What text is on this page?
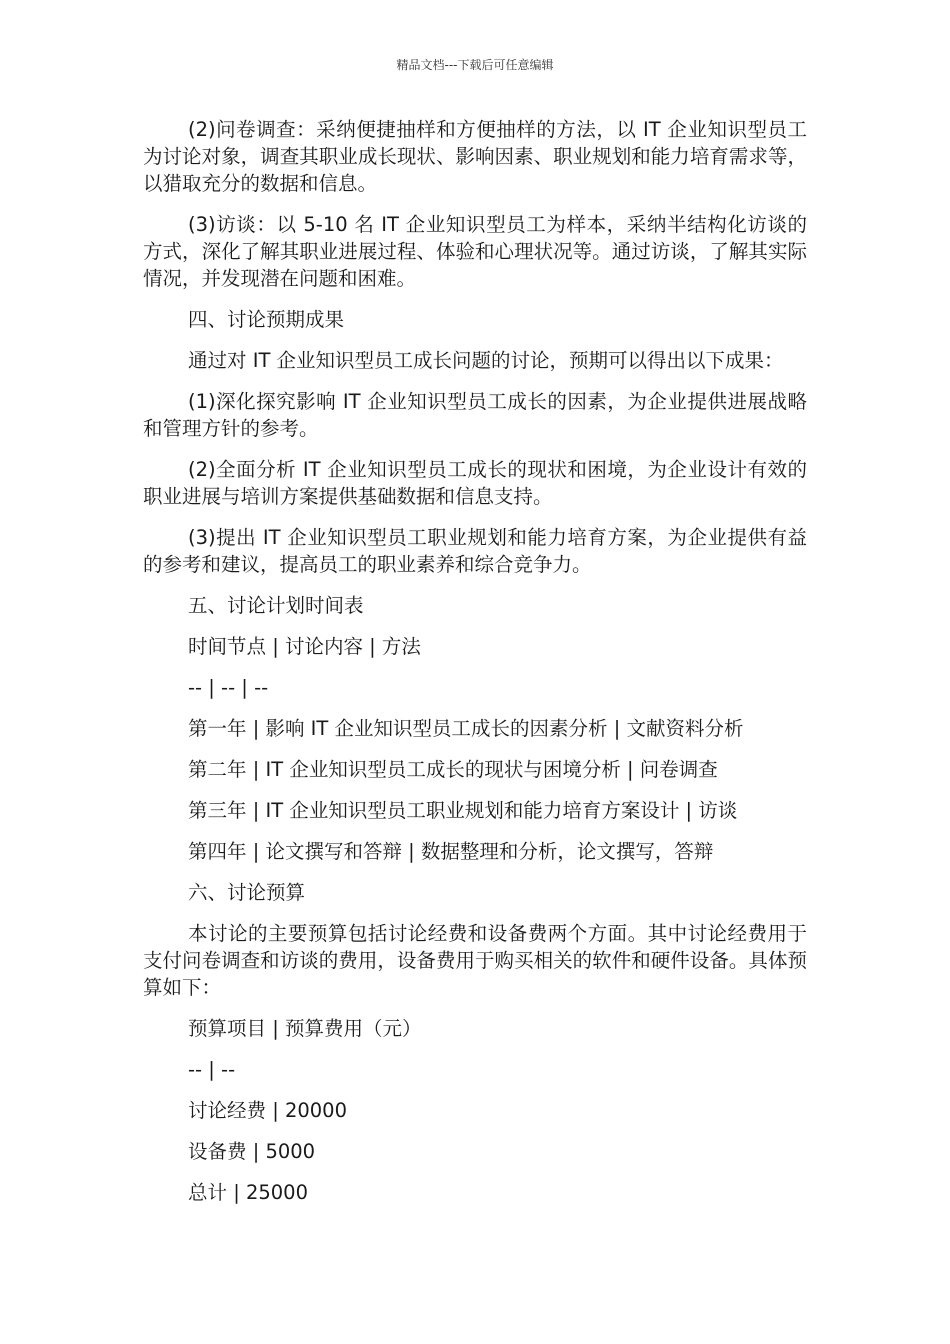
精品文档---下载后可任意编辑

(2)问卷调查：采纳便捷抽样和方便抽样的方法，以 IT 企业知识型员工为讨论对象，调查其职业成长现状、影响因素、职业规划和能力培育需求等，以猎取充分的数据和信息。

(3)访谈：以 5-10 名 IT 企业知识型员工为样本，采纳半结构化访谈的方式，深化了解其职业进展过程、体验和心理状况等。通过访谈，了解其实际情况，并发现潜在问题和困难。

四、讨论预期成果

通过对 IT 企业知识型员工成长问题的讨论，预期可以得出以下成果：

(1)深化探究影响 IT 企业知识型员工成长的因素，为企业提供进展战略和管理方针的参考。

(2)全面分析 IT 企业知识型员工成长的现状和困境，为企业设计有效的职业进展与培训方案提供基础数据和信息支持。

(3)提出 IT 企业知识型员工职业规划和能力培育方案，为企业提供有益的参考和建议，提高员工的职业素养和综合竞争力。

五、讨论计划时间表

时间节点 | 讨论内容 | 方法

-- | -- | --

第一年 | 影响 IT 企业知识型员工成长的因素分析 | 文献资料分析

第二年 | IT 企业知识型员工成长的现状与困境分析 | 问卷调查

第三年 | IT 企业知识型员工职业规划和能力培育方案设计 | 访谈

第四年 | 论文撰写和答辩 | 数据整理和分析，论文撰写，答辩

六、讨论预算

本讨论的主要预算包括讨论经费和设备费两个方面。其中讨论经费用于支付问卷调查和访谈的费用，设备费用于购买相关的软件和硬件设备。具体预算如下：

预算项目 | 预算费用（元）

-- | --

讨论经费 | 20000

设备费 | 5000

总计 | 25000
